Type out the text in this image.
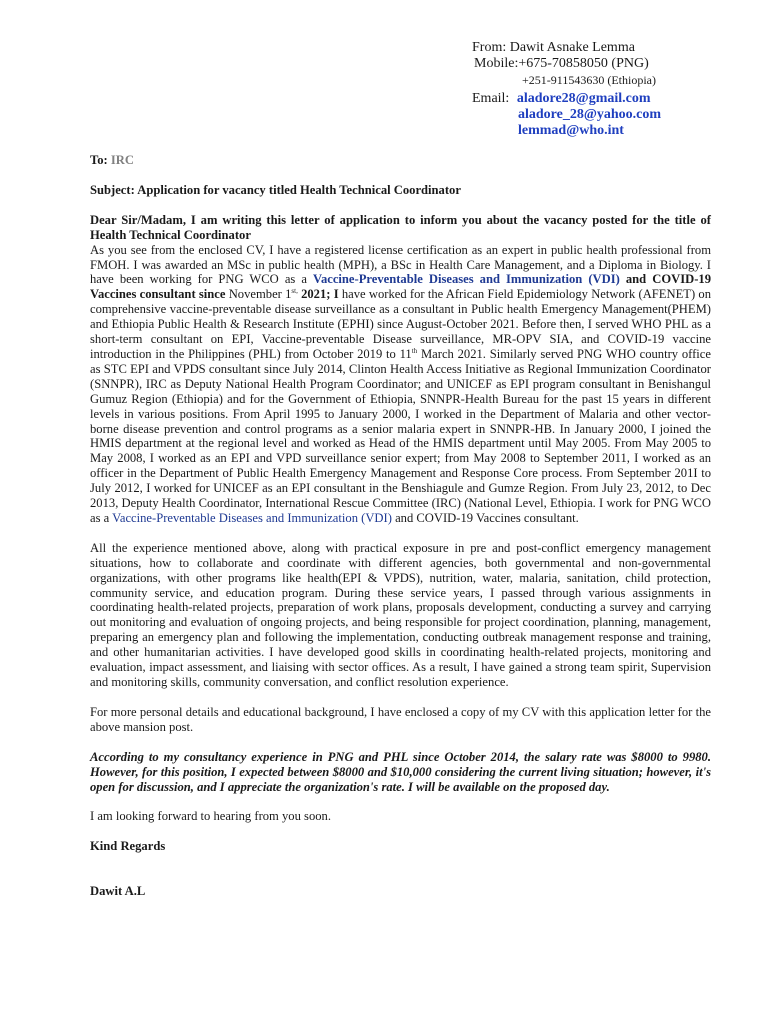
From: Dawit Asnake Lemma
Mobile:+675-70858050 (PNG)
+251-911543630 (Ethiopia)
Email: aladore28@gmail.com
aladore_28@yahoo.com
lemmad@who.int

To: IRC

Subject: Application for vacancy titled Health Technical Coordinator

Dear Sir/Madam, I am writing this letter of application to inform you about the vacancy posted for the title of Health Technical Coordinator

As you see from the enclosed CV, I have a registered license certification as an expert in public health professional from FMOH. I was awarded an MSc in public health (MPH), a BSc in Health Care Management, and a Diploma in Biology. I have been working for PNG WCO as a Vaccine-Preventable Diseases and Immunization (VDI) and COVID-19 Vaccines consultant since November $1^{st,}$ 2021; I have worked for the African Field Epidemiology Network (AFENET) on comprehensive vaccine-preventable disease surveillance as a consultant in Public health Emergency Management(PHEM) and Ethiopia Public Health & Research Institute (EPHI) since August-October 2021. Before then, I served WHO PHL as a short-term consultant on EPI, Vaccine-preventable Disease surveillance, MR-OPV SIA, and COVID-19 vaccine introduction in the Philippines (PHL) from October 2019 to 11th March 2021. Similarly served PNG WHO country office as STC EPI and VPDS consultant since July 2014, Clinton Health Access Initiative as Regional Immunization Coordinator (SNNPR), IRC as Deputy National Health Program Coordinator; and UNICEF as EPI program consultant in Benishangul Gumuz Region (Ethiopia) and for the Government of Ethiopia, SNNPR-Health Bureau for the past 15 years in different levels in various positions. From April 1995 to January 2000, I worked in the Department of Malaria and other vector-borne disease prevention and control programs as a senior malaria expert in SNNPR-HB. In January 2000, I joined the HMIS department at the regional level and worked as Head of the HMIS department until May 2005. From May 2005 to May 2008, I worked as an EPI and VPD surveillance senior expert; from May 2008 to September 2011, I worked as an officer in the Department of Public Health Emergency Management and Response Core process. From September 201I to July 2012, I worked for UNICEF as an EPI consultant in the Benshiagule and Gumze Region. From July 23, 2012, to Dec 2013, Deputy Health Coordinator, International Rescue Committee (IRC) (National Level, Ethiopia. I work for PNG WCO as a Vaccine-Preventable Diseases and Immunization (VDI) and COVID-19 Vaccines consultant.

All the experience mentioned above, along with practical exposure in pre and post-conflict emergency management situations, how to collaborate and coordinate with different agencies, both governmental and non-governmental organizations, with other programs like health(EPI & VPDS), nutrition, water, malaria, sanitation, child protection, community service, and education program. During these service years, I passed through various assignments in coordinating health-related projects, preparation of work plans, proposals development, conducting a survey and carrying out monitoring and evaluation of ongoing projects, and being responsible for project coordination, planning, management, preparing an emergency plan and following the implementation, conducting outbreak management response and training, and other humanitarian activities. I have developed good skills in coordinating health-related projects, monitoring and evaluation, impact assessment, and liaising with sector offices. As a result, I have gained a strong team spirit, Supervision and monitoring skills, community conversation, and conflict resolution experience.

For more personal details and educational background, I have enclosed a copy of my CV with this application letter for the above mansion post.

According to my consultancy experience in PNG and PHL since October 2014, the salary rate was $8000 to 9980. However, for this position, I expected between $8000 and $10,000 considering the current living situation; however, it's open for discussion, and I appreciate the organization's rate. I will be available on the proposed day.

I am looking forward to hearing from you soon.

Kind Regards

Dawit A.L
